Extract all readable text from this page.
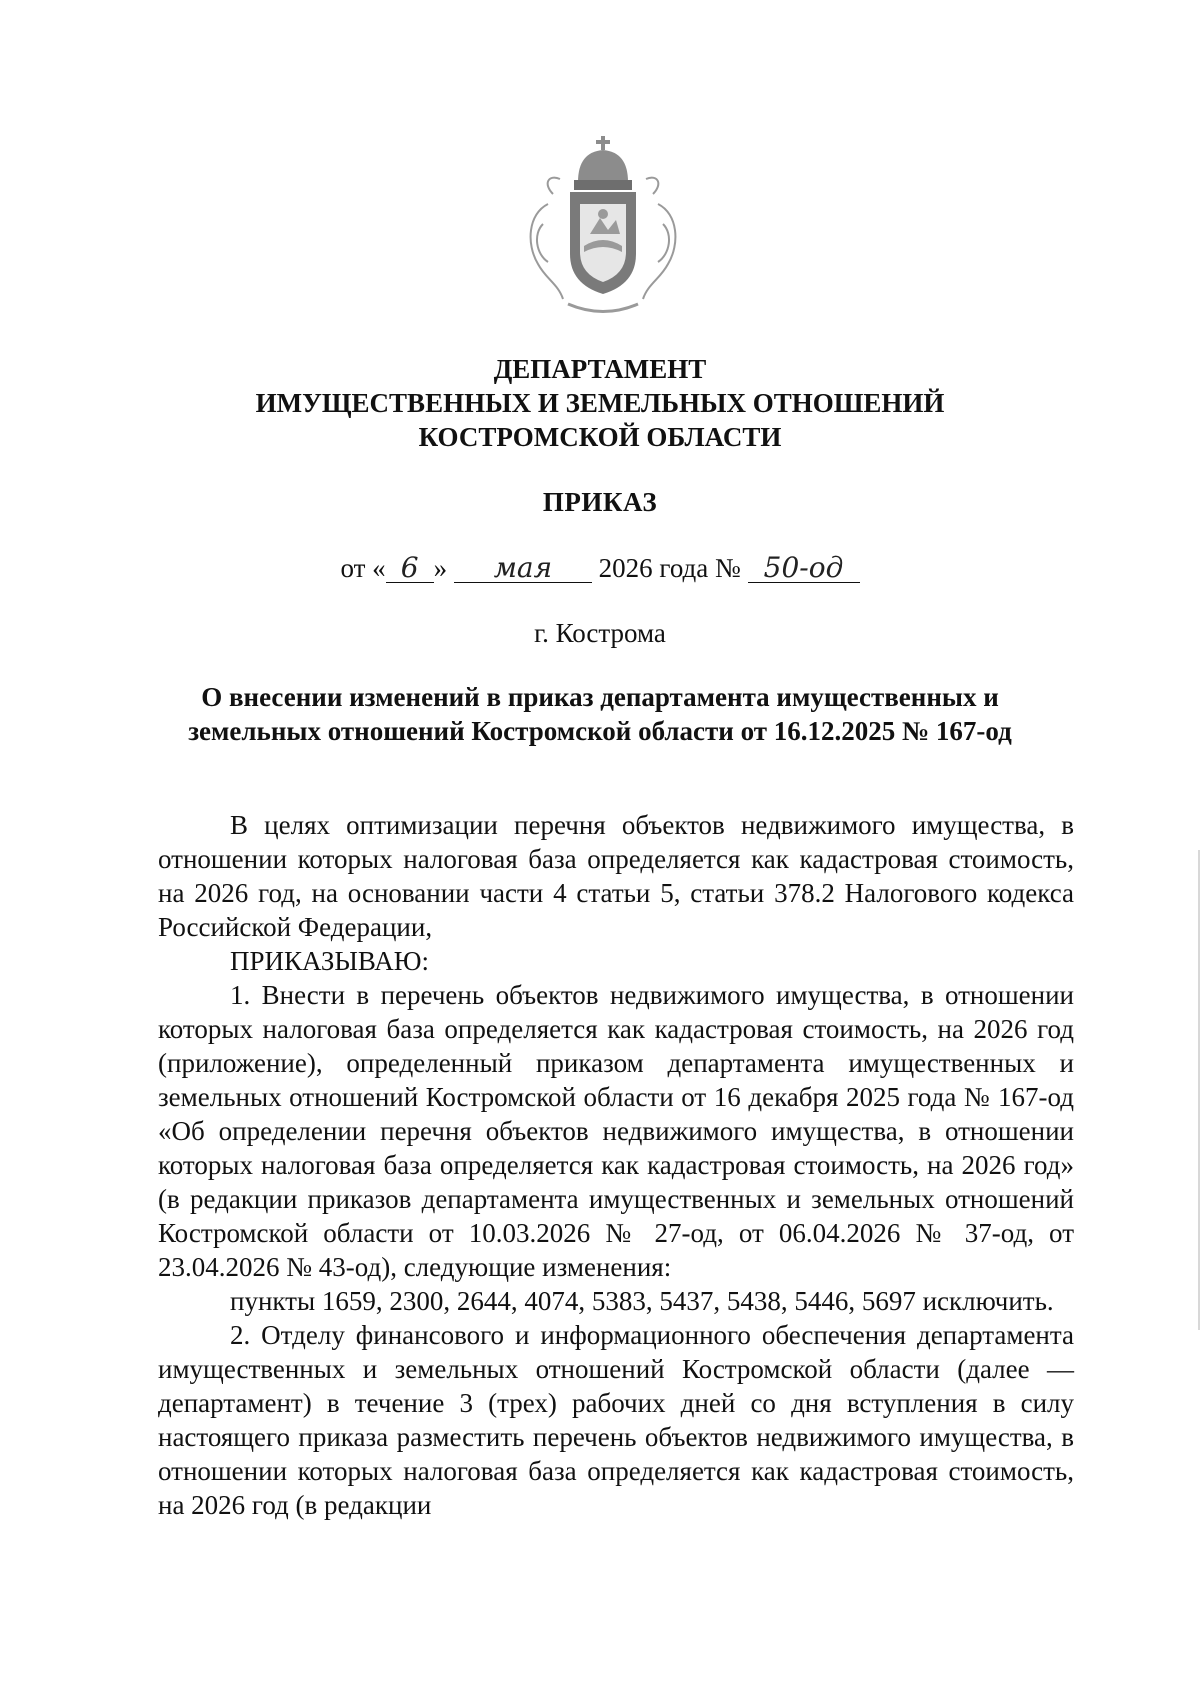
ДЕПАРТАМЕНТ
ИМУЩЕСТВЕННЫХ И ЗЕМЕЛЬНЫХ ОТНОШЕНИЙ
КОСТРОМСКОЙ ОБЛАСТИ
ПРИКАЗ
от « 6 » мая 2026 года № 50-од
г. Кострома
О внесении изменений в приказ департамента имущественных и
земельных отношений Костромской области от 16.12.2025 № 167-од

В целях оптимизации перечня объектов недвижимого имущества, в отношении которых налоговая база определяется как кадастровая стоимость, на 2026 год, на основании части 4 статьи 5, статьи 378.2 Налогового кодекса Российской Федерации,

ПРИКАЗЫВАЮ:

1. Внести в перечень объектов недвижимого имущества, в отношении которых налоговая база определяется как кадастровая стоимость, на 2026 год (приложение), определенный приказом департамента имущественных и земельных отношений Костромской области от 16 декабря 2025 года № 167-од «Об определении перечня объектов недвижимого имущества, в отношении которых налоговая база определяется как кадастровая стоимость, на 2026 год» (в редакции приказов департамента имущественных и земельных отношений Костромской области от 10.03.2026 № 27-од, от 06.04.2026 № 37-од, от 23.04.2026 № 43-од), следующие изменения:

пункты 1659, 2300, 2644, 4074, 5383, 5437, 5438, 5446, 5697 исключить.

2. Отделу финансового и информационного обеспечения департамента имущественных и земельных отношений Костромской области (далее — департамент) в течение 3 (трех) рабочих дней со дня вступления в силу настоящего приказа разместить перечень объектов недвижимого имущества, в отношении которых налоговая база определяется как кадастровая стоимость, на 2026 год (в редакции
